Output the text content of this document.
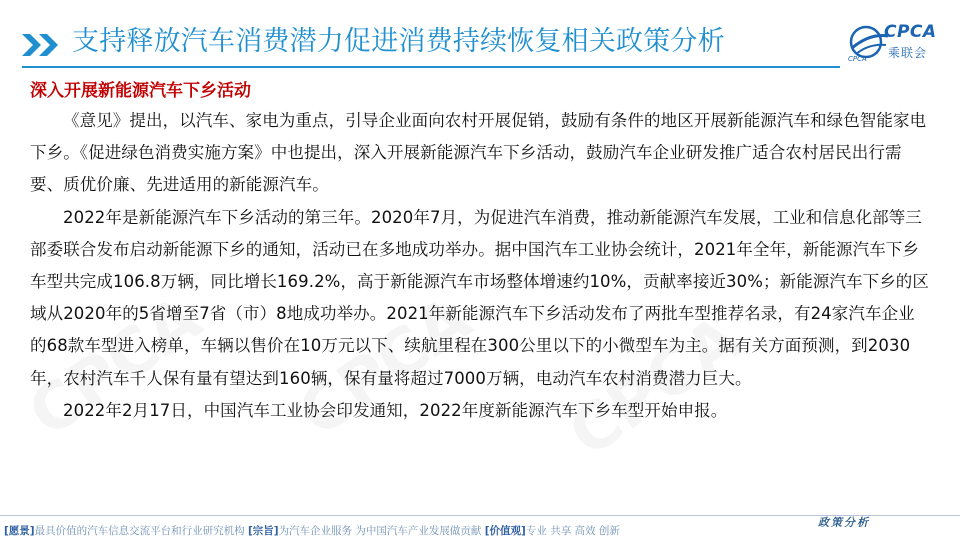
支持释放汽车消费潜力促进消费持续恢复相关政策分析	CPCA
乘联会
CPCA
深入开展新能源汽车下乡活动

《意见》提出，以汽车、家电为重点，引导企业面向农村开展促销，鼓励有条件的地区开展新能源汽车和绿色智能家电下乡。《促进绿色消费实施方案》中也提出，深入开展新能源汽车下乡活动，鼓励汽车企业研发推广适合农村居民出行需要、质优价廉、先进适用的新能源汽车。

2022年是新能源汽车下乡活动的第三年。2020年7月，为促进汽车消费，推动新能源汽车发展，工业和信息化部等三部委联合发布启动新能源下乡的通知，活动已在多地成功举办。据中国汽车工业协会统计，2021年全年，新能源汽车下乡车型共完成106.8万辆，同比增长169.2%，高于新能源汽车市场整体增速约10%，贡献率接近30%；新能源汽车下乡的区域从2020年的5省增至7省（市）8地成功举办。2021年新能源汽车下乡活动发布了两批车型推荐名录，有24家汽车企业的68款车型进入榜单，车辆以售价在10万元以下、续航里程在300公里以下的小微型车为主。据有关方面预测，到2030年，农村汽车千人保有量有望达到160辆，保有量将超过7000万辆，电动汽车农村消费潜力巨大。

2022年2月17日，中国汽车工业协会印发通知，2022年度新能源汽车下乡车型开始申报。

[愿景]最具价值的汽车信息交流平台和行业研究机构 [宗旨]为汽车企业服务 为中国汽车产业发展做贡献 [价值观]专业 共享 高效 创新
政策分析
